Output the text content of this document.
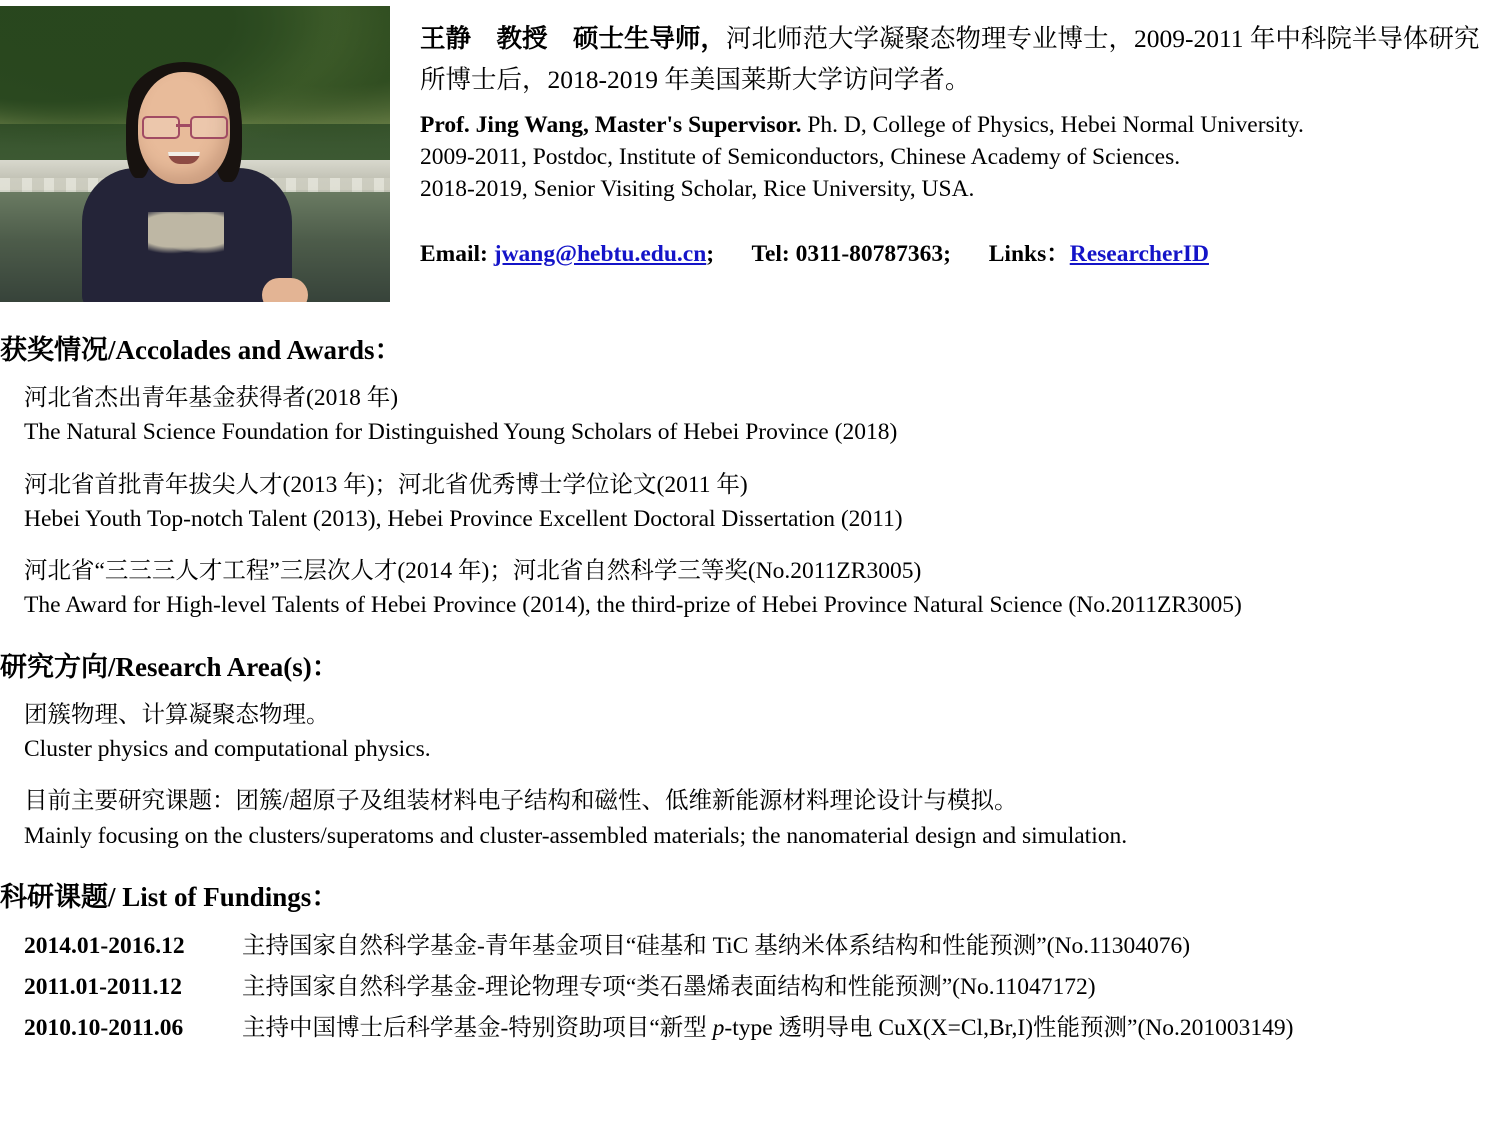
王静　教授　硕士生导师，河北师范大学凝聚态物理专业博士，2009-2011 年中科院半导体研究所博士后，2018-2019 年美国莱斯大学访问学者。

Prof. Jing Wang, Master's Supervisor. Ph. D, College of Physics, Hebei Normal University.
2009-2011, Postdoc, Institute of Semiconductors, Chinese Academy of Sciences.
2018-2019, Senior Visiting Scholar, Rice University, USA.
Email: jwang@hebtu.edu.cn; Tel: 0311-80787363; Links：ResearcherID
获奖情况/Accolades and Awards：
河北省杰出青年基金获得者(2018 年)
The Natural Science Foundation for Distinguished Young Scholars of Hebei Province (2018)
河北省首批青年拔尖人才(2013 年)；河北省优秀博士学位论文(2011 年)
Hebei Youth Top-notch Talent (2013), Hebei Province Excellent Doctoral Dissertation (2011)
河北省“三三三人才工程”三层次人才(2014 年)；河北省自然科学三等奖(No.2011ZR3005)
The Award for High-level Talents of Hebei Province (2014), the third-prize of Hebei Province Natural Science (No.2011ZR3005)
研究方向/Research Area(s)：
团簇物理、计算凝聚态物理。
Cluster physics and computational physics.
目前主要研究课题：团簇/超原子及组装材料电子结构和磁性、低维新能源材料理论设计与模拟。
Mainly focusing on the clusters/superatoms and cluster-assembled materials; the nanomaterial design and simulation.
科研课题/ List of Fundings：
2014.01-2016.12	主持国家自然科学基金-青年基金项目“硅基和 TiC 基纳米体系结构和性能预测”(No.11304076)
2011.01-2011.12	主持国家自然科学基金-理论物理专项“类石墨烯表面结构和性能预测”(No.11047172)
2010.10-2011.06	主持中国博士后科学基金-特别资助项目“新型 p-type 透明导电 CuX(X=Cl,Br,I)性能预测”(No.201003149)
